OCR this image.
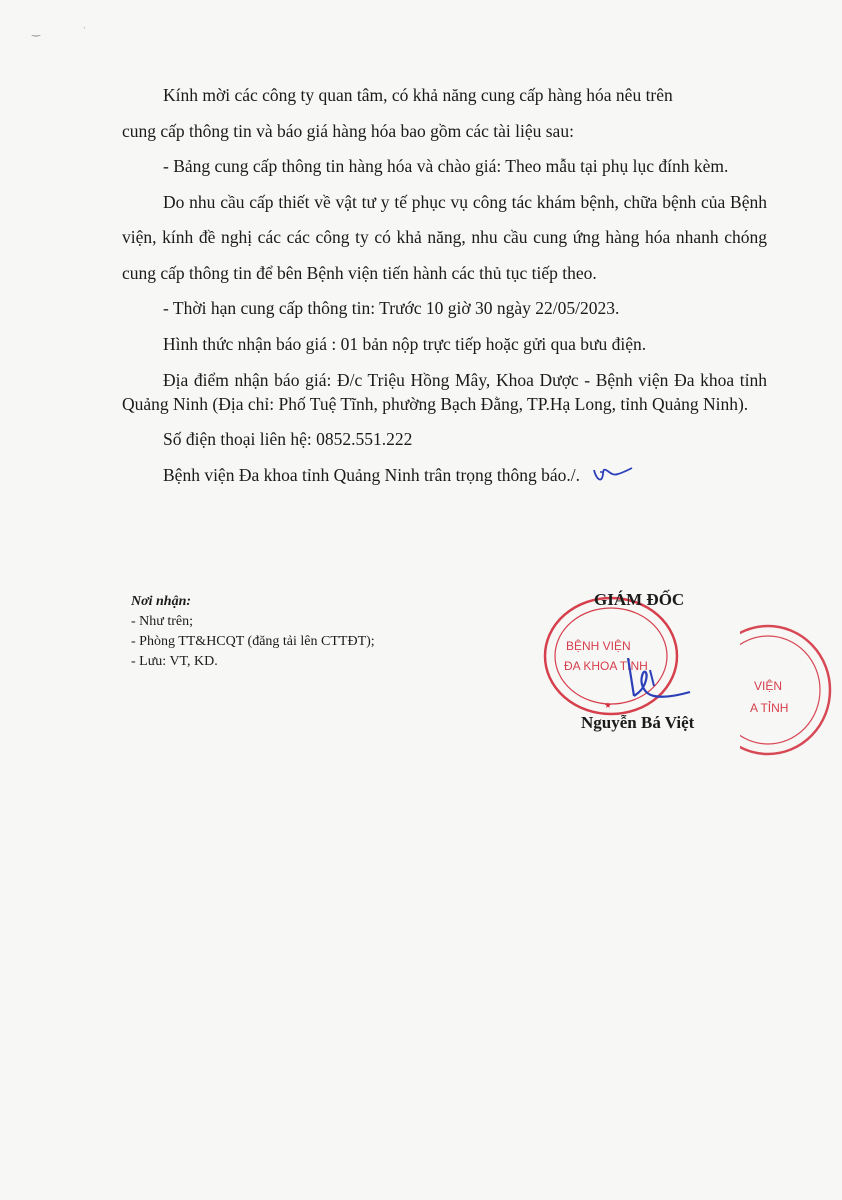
‿ ˈ
Kính mời các công ty quan tâm, có khả năng cung cấp hàng hóa nêu trên
cung cấp thông tin và báo giá hàng hóa bao gồm các tài liệu sau:
- Bảng cung cấp thông tin hàng hóa và chào giá: Theo mẫu tại phụ lục đính kèm.
Do nhu cầu cấp thiết về vật tư y tế phục vụ công tác khám bệnh, chữa bệnh của Bệnh viện, kính đề nghị các các công ty có khả năng, nhu cầu cung ứng hàng hóa nhanh chóng cung cấp thông tin để bên Bệnh viện tiến hành các thủ tục tiếp theo.
- Thời hạn cung cấp thông tin: Trước 10 giờ 30 ngày 22/05/2023.
Hình thức nhận báo giá : 01 bản nộp trực tiếp hoặc gửi qua bưu điện.
Địa điểm nhận báo giá: Đ/c Triệu Hồng Mây, Khoa Dược - Bệnh viện Đa khoa tỉnh Quảng Ninh (Địa chỉ: Phố Tuệ Tĩnh, phường Bạch Đằng, TP.Hạ Long, tỉnh Quảng Ninh).
Số điện thoại liên hệ: 0852.551.222
Bệnh viện Đa khoa tỉnh Quảng Ninh trân trọng thông báo./.
Nơi nhận:
- Như trên;
- Phòng TT&HCQT (đăng tải lên CTTĐT);
- Lưu: VT, KD.
BỆNH VIỆN
ĐA KHOA TỈNH
★
VIỆN
A TỈNH
GIÁM ĐỐC
Nguyễn Bá Việt
